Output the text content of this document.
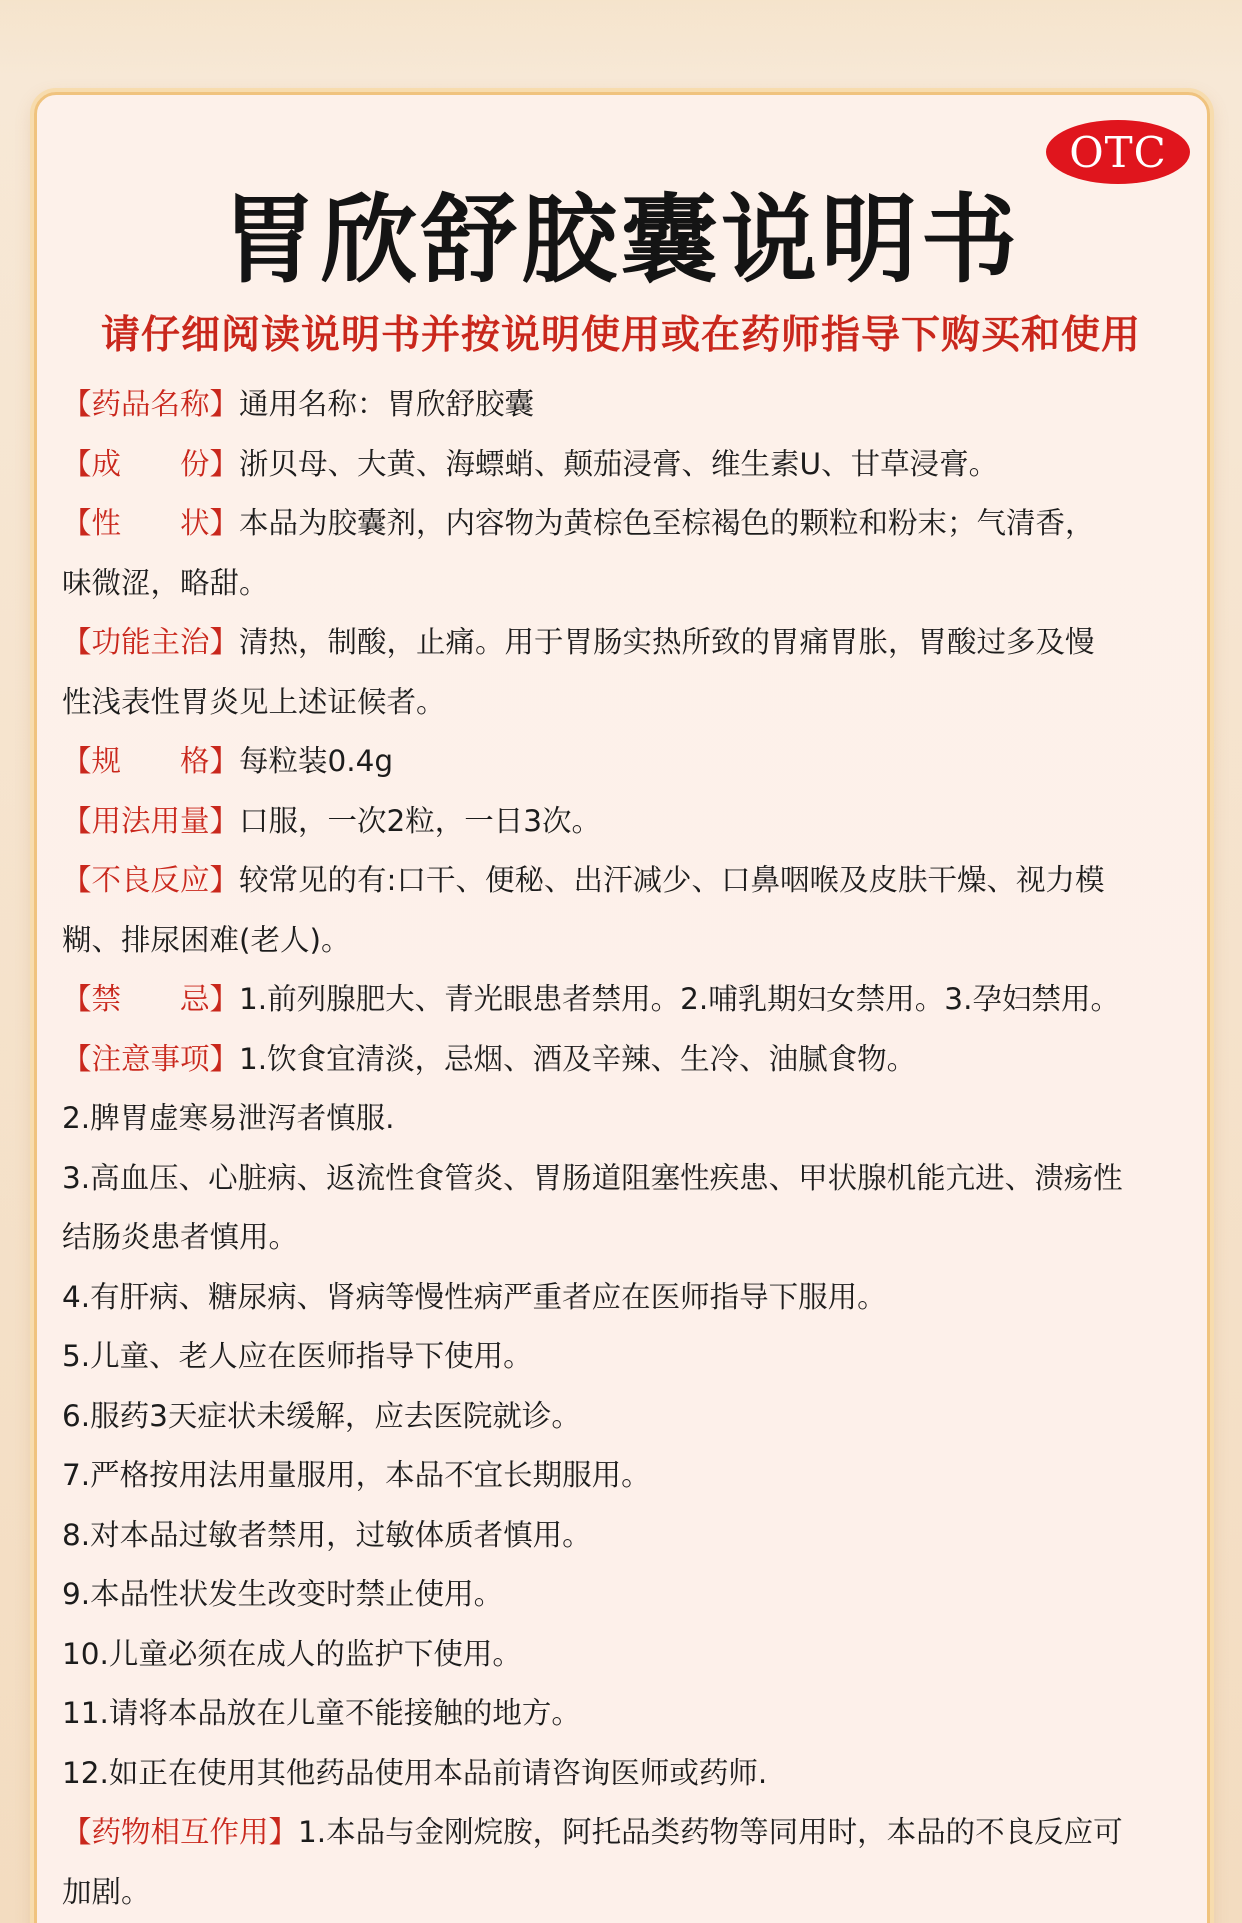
OTC
胃欣舒胶囊说明书
请仔细阅读说明书并按说明使用或在药师指导下购买和使用
【药品名称】通用名称：胃欣舒胶囊
【成　　份】浙贝母、大黄、海螵蛸、颠茄浸膏、维生素U、甘草浸膏。
【性　　状】本品为胶囊剂，内容物为黄棕色至棕褐色的颗粒和粉末；气清香，
味微涩，略甜。
【功能主治】清热，制酸，止痛。用于胃肠实热所致的胃痛胃胀，胃酸过多及慢
性浅表性胃炎见上述证候者。
【规　　格】每粒装0.4g
【用法用量】口服，一次2粒，一日3次。
【不良反应】较常见的有:口干、便秘、出汗减少、口鼻咽喉及皮肤干燥、视力模
糊、排尿困难(老人)。
【禁　　忌】1.前列腺肥大、青光眼患者禁用。2.哺乳期妇女禁用。3.孕妇禁用。
【注意事项】1.饮食宜清淡，忌烟、酒及辛辣、生冷、油腻食物。
2.脾胃虚寒易泄泻者慎服.
3.高血压、心脏病、返流性食管炎、胃肠道阻塞性疾患、甲状腺机能亢进、溃疡性
结肠炎患者慎用。
4.有肝病、糖尿病、肾病等慢性病严重者应在医师指导下服用。
5.儿童、老人应在医师指导下使用。
6.服药3天症状未缓解，应去医院就诊。
7.严格按用法用量服用，本品不宜长期服用。
8.对本品过敏者禁用，过敏体质者慎用。
9.本品性状发生改变时禁止使用。
10.儿童必须在成人的监护下使用。
11.请将本品放在儿童不能接触的地方。
12.如正在使用其他药品使用本品前请咨询医师或药师.
【药物相互作用】1.本品与金刚烷胺，阿托品类药物等同用时，本品的不良反应可
加剧。
